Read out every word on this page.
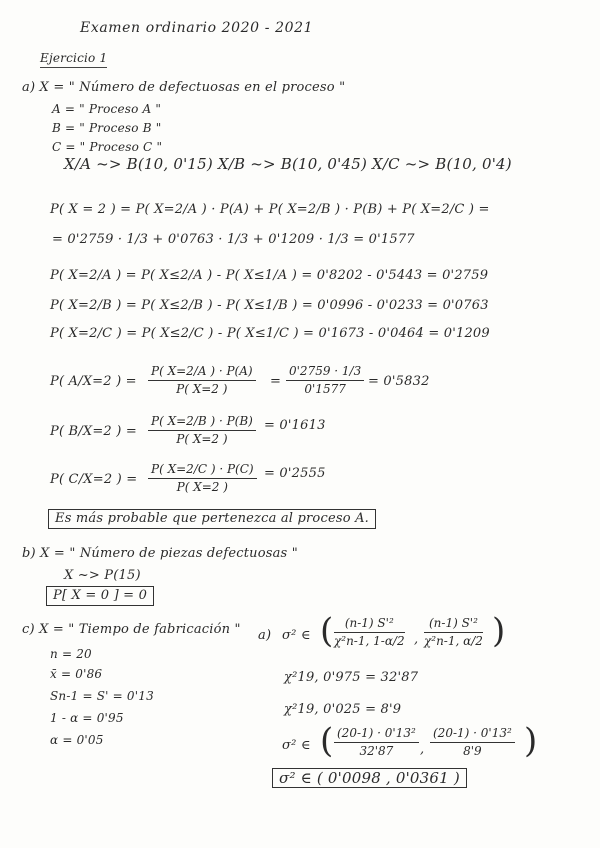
Examen ordinario 2020 - 2021
Ejercicio 1
a) X = " Número de defectuosas en el proceso "
A = " Proceso A "
B = " Proceso B "
C = " Proceso C "
X/A ~> B(10, 0'15) X/B ~> B(10, 0'45) X/C ~> B(10, 0'4)
P( X = 2 ) = P( X=2/A ) · P(A) + P( X=2/B ) · P(B) + P( X=2/C ) =
= 0'2759 · 1/3 + 0'0763 · 1/3 + 0'1209 · 1/3 = 0'1577
P( X=2/A ) = P( X≤2/A ) - P( X≤1/A ) = 0'8202 - 0'5443 = 0'2759
P( X=2/B ) = P( X≤2/B ) - P( X≤1/B ) = 0'0996 - 0'0233 = 0'0763
P( X=2/C ) = P( X≤2/C ) - P( X≤1/C ) = 0'1673 - 0'0464 = 0'1209
P( A/X=2 ) = $\frac{P( X=2/A ) \cdot P(A)}{P( X=2 )} = \frac{0'2759 \cdot 1/3}{0'1577} = 0'5832$
P( B/X=2 ) = $\frac{P( X=2/B ) \cdot P(B)}{P( X=2 )} = 0'1613$
P( C/X=2 ) = $\frac{P( X=2/C ) \cdot P(C)}{P( X=2 )} = 0'2555$
Es más probable que pertenezca al proceso A.
b) X = " Número de piezas defectuosas "
X ~> P(15)
P[ X = 0 ] = 0
c) X = " Tiempo de fabricación "
n = 20
x̄ = 0'86
Sn-1 = S' = 0'13
1 - α = 0'95
α = 0'05
a) σ² ∈ ( $\frac{\text{(n-1) S'²}}{\text{χ²n-1, 1-α/2}}$ , $\frac{\text{(n-1) S'²}}{\text{χ²n-1, α/2}}$ )
χ²19, 0'975 = 32'87
χ²19, 0'025 = 8'9
σ² ∈ ( $\frac{\text{(20-1) · 0'13²}}{32'87}$ , $\frac{\text{(20-1) · 0'13²}}{8'9}$ )
σ² ∈ ( 0'0098 , 0'0361 )
